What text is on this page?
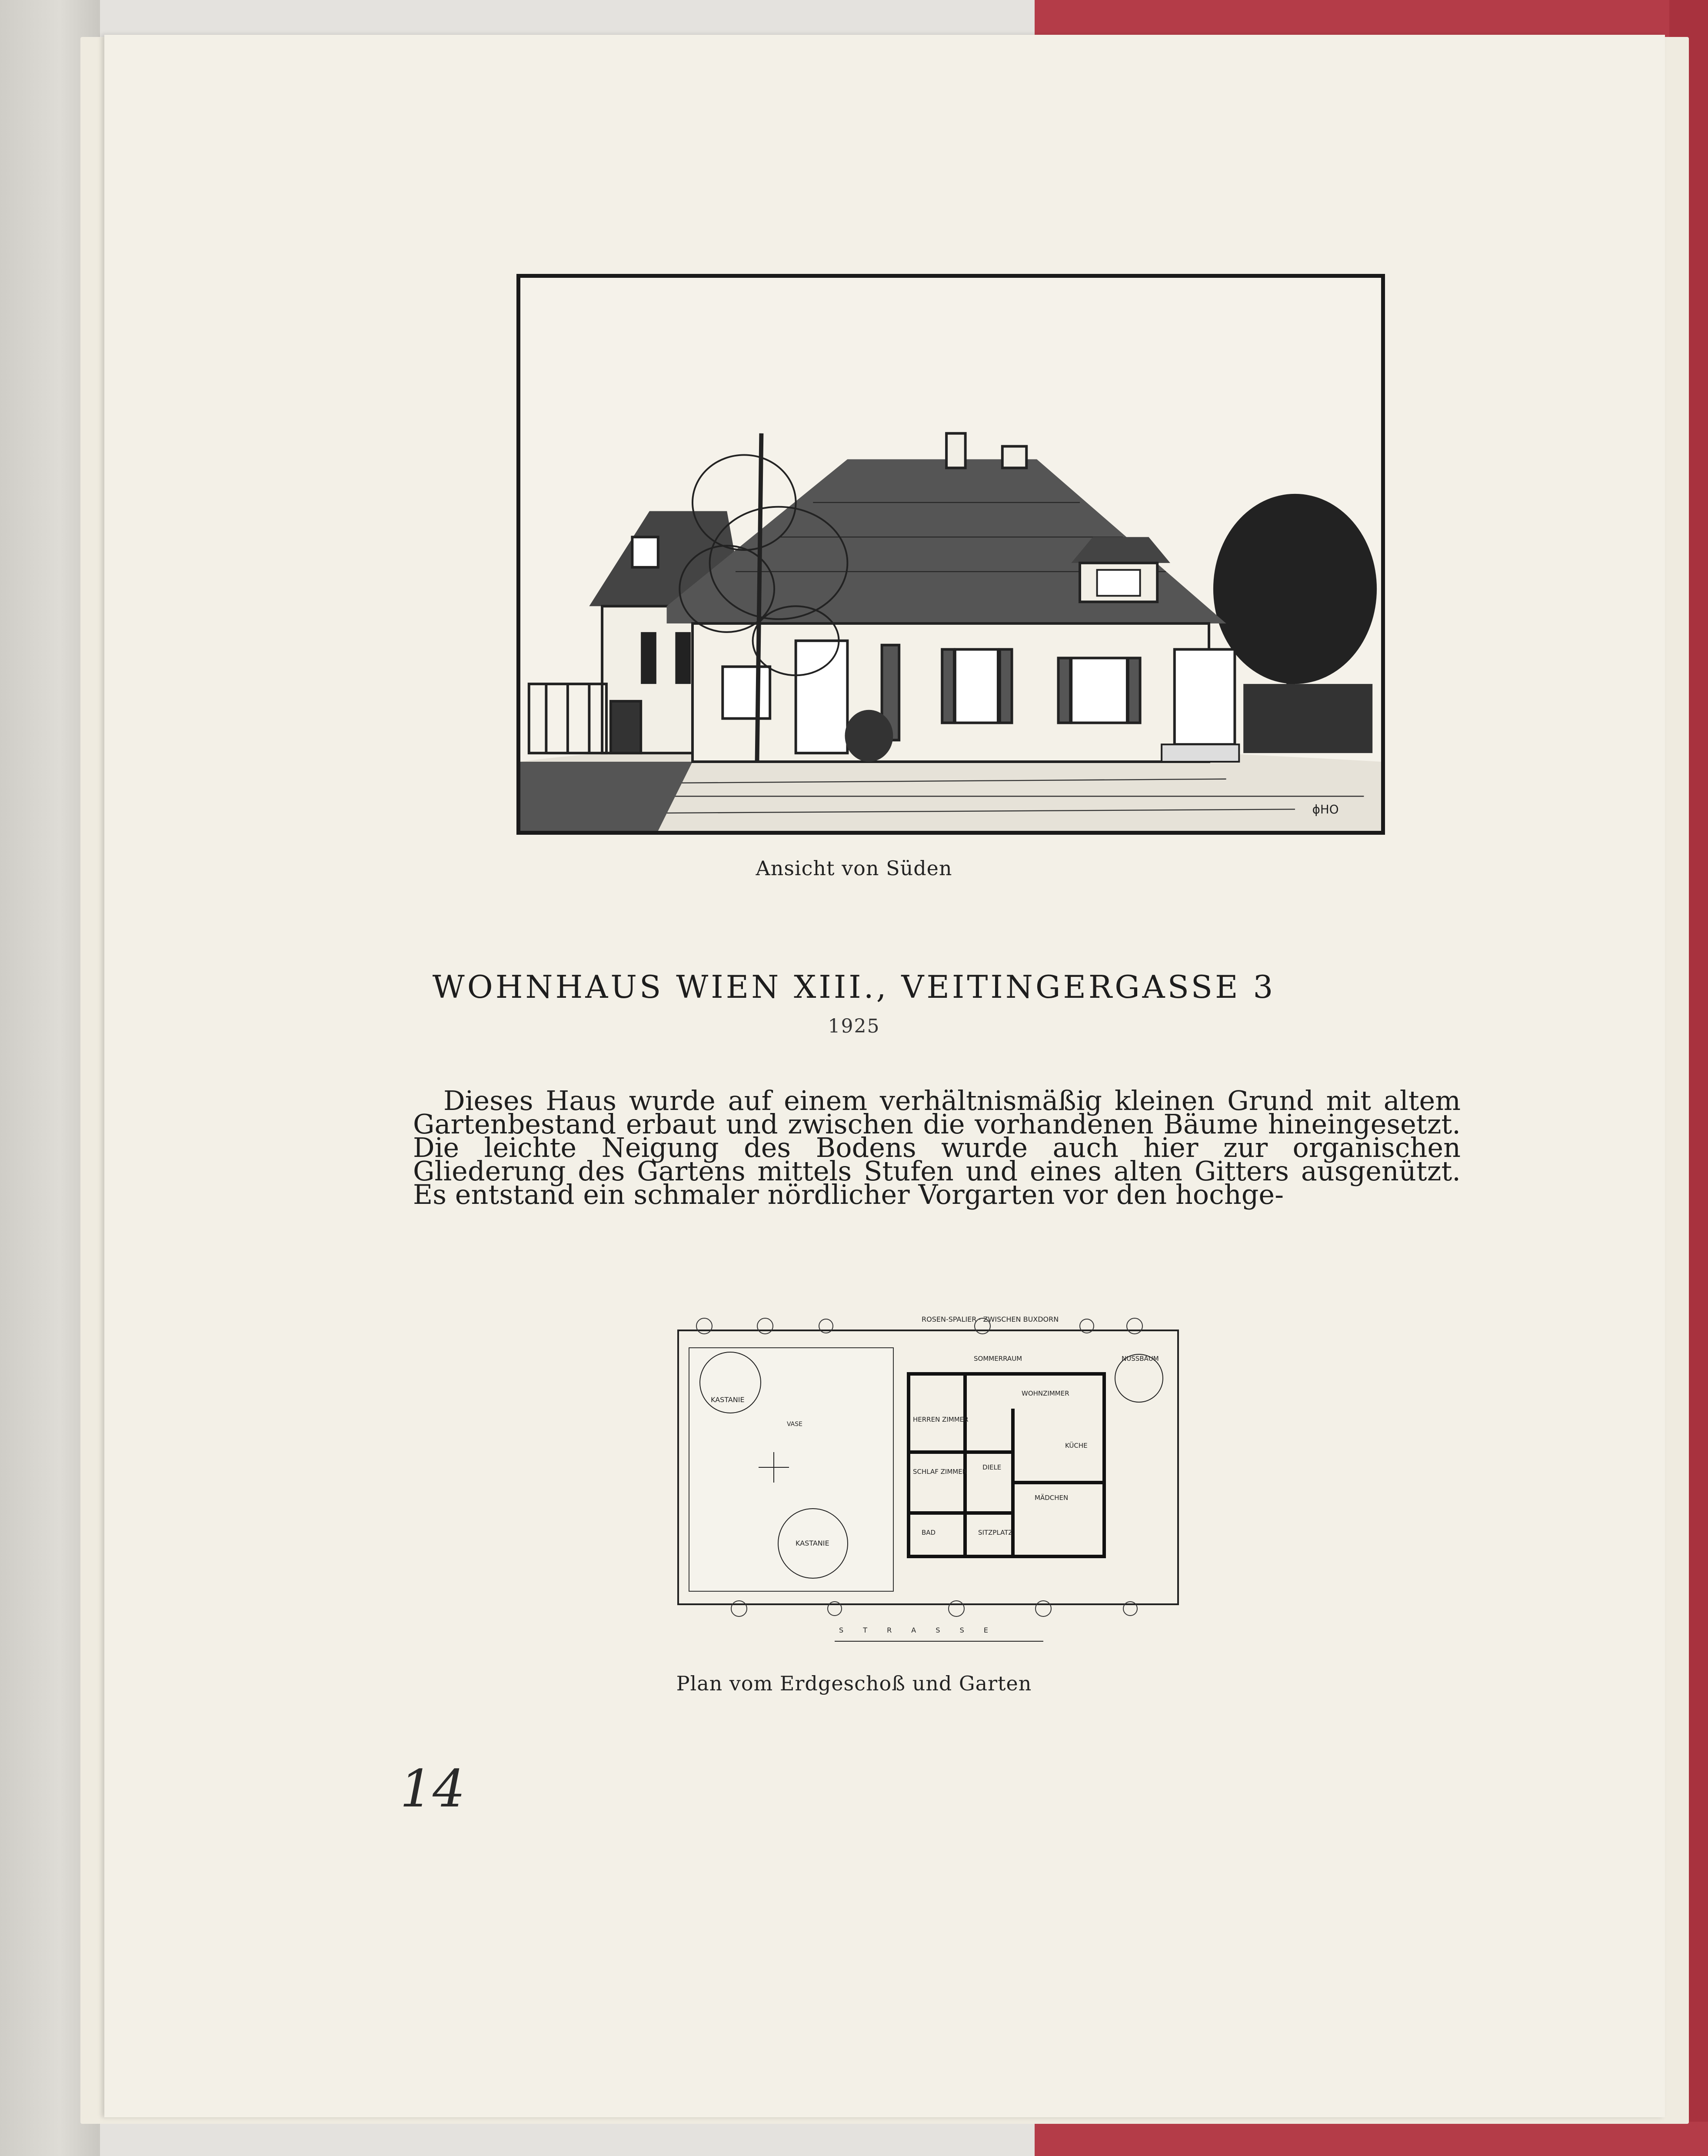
ɸHO
Ansicht von Süden
WOHNHAUS WIEN XIII., VEITINGERGASSE 3
1925

Dieses Haus wurde auf einem verhältnismäßig kleinen Grund mit altem Gartenbestand erbaut und zwischen die vorhandenen Bäume hineingesetzt. Die leichte Neigung des Bodens wurde auch hier zur organischen Gliederung des Gartens mittels Stufen und eines alten Gitters ausgenützt. Es entstand ein schmaler nördlicher Vorgarten vor den hochge-

ROSEN-SPALIER · ZWISCHEN BUXDORN
KASTANIE
KASTANIE
VASE
SOMMERRAUM
WOHNZIMMER
HERREN ZIMMER
SCHLAF ZIMMER
DIELE
KÜCHE
BAD
MÄDCHEN
SITZPLATZ
NUSSBAUM
S T R A S S E
Plan vom Erdgeschoß und Garten
14
